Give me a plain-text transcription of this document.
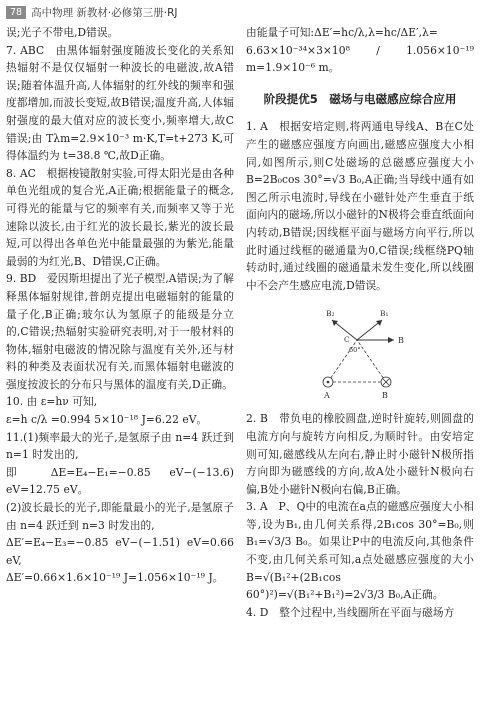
78 高中物理 新教材·必修第三册·RJ

误;光子不带电,D错误。

7. ABC　由黑体辐射强度随波长变化的关系知热辐射不是仅仅辐射一种波长的电磁波,故A错误;随着体温升高,人体辐射的红外线的频率和强度都增加,而波长变短,故B错误;温度升高,人体辐射强度的最大值对应的波长变小,频率增大,故C错误;由 Tλm=2.9×10⁻³ m·K,T=t+273 K,可得体温约为 t=38.8 ℃,故D正确。

8. AC　根据梭镜散射实验,可得太阳光是由各种单色光组成的复合光,A正确;根据能量子的概念,可得光的能量与它的频率有关,而频率又等于光速除以波长,由于红光的波长最长,紫光的波长最短,可以得出各单色光中能量最强的为紫光,能量最弱的为红光,B、D错误,C正确。

9. BD　爱因斯坦提出了光子模型,A错误;为了解释黑体辐射规律,普朗克提出电磁辐射的能量的量子化,B正确;玻尔认为氢原子的能级是分立的,C错误;热辐射实验研究表明,对于一般材料的物体,辐射电磁波的情况除与温度有关外,还与材料的种类及表面状况有关,而黑体辐射电磁波的强度按波长的分布只与黑体的温度有关,D正确。

10. 由 ε=hν 可知,

ε=h c/λ =0.994 5×10⁻¹⁸ J=6.22 eV。

11.(1)频率最大的光子,是氢原子由 n=4 跃迁到 n=1 时发出的,

即 ΔE=E₄−E₁=−0.85 eV−(−13.6) eV=12.75 eV。

(2)波长最长的光子,即能量最小的光子,是氢原子由 n=4 跃迁到 n=3 时发出的,

ΔE′=E₄−E₃=−0.85 eV−(−1.51) eV=0.66 eV,

ΔE′=0.66×1.6×10⁻¹⁹ J=1.056×10⁻¹⁹ J。

由能量子可知:ΔE′=hc/λ,λ=hc/ΔE′,λ=

6.63×10⁻³⁴×3×10⁸ / 1.056×10⁻¹⁹ m=1.9×10⁻⁶ m。

阶段提优5　磁场与电磁感应综合应用

1. A　根据安培定则,将两通电导线A、B在C处产生的磁感应强度方向画出,磁感应强度大小相同,如图所示,则C处磁场的总磁感应强度大小 B=2B₀cos 30°=√3 B₀,A正确;当导线中通有如图乙所示电流时,导线在小磁针处产生垂直于纸面向内的磁场,所以小磁针的N极将会垂直纸面向内转动,B错误;因线框平面与磁场方向平行,所以此时通过线框的磁通量为0,C错误;线框绕PQ轴转动时,通过线圈的磁通量未发生变化,所以线圈中不会产生感应电流,D错误。

B₂
B
C
B₁
60°
A	B

2. B　带负电的橡胶圆盘,逆时针旋转,则圆盘的电流方向与旋转方向相反,为顺时针。由安培定则可知,磁感线从左向右,静止时小磁针N极所指方向即为磁感线的方向,故A处小磁针N极向右偏,B处小磁针N极向右偏,B正确。

3. A　P、Q中的电流在a点的磁感应强度大小相等,设为B₁,由几何关系得,2B₁cos 30°=B₀,则 B₁=√3/3 B₀。如果让P中的电流反向,其他条件不变,由几何关系可知,a点处磁感应强度的大小 B=√(B₁²+(2B₁cos 60°)²)=√(B₁²+B₁²)=2√3/3 B₀,A正确。

4. D　整个过程中,当线圈所在平面与磁场方
